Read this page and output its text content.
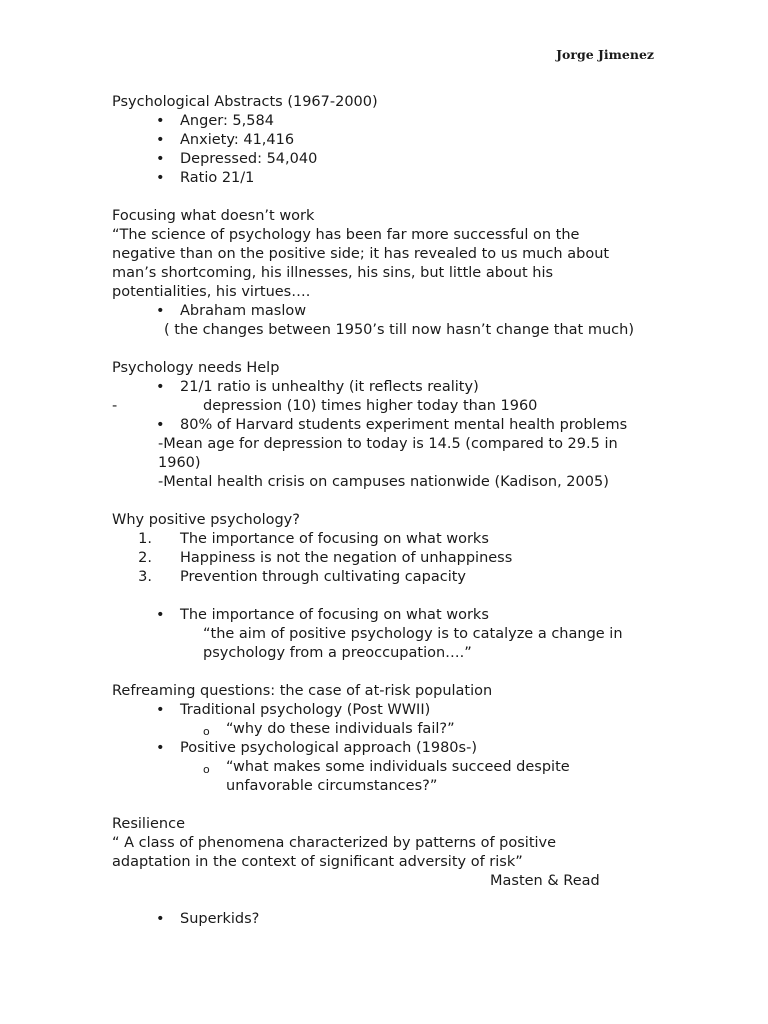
Jorge Jimenez
Psychological Abstracts (1967-2000)
• Anger: 5,584
• Anxiety: 41,416
• Depressed: 54,040
• Ratio 21/1
Focusing what doesn’t work
“The science of psychology has been far more successful on the
negative than on the positive side; it has revealed to us much about
man’s shortcoming, his illnesses, his sins, but little about his
potentialities, his virtues….
• Abraham maslow
( the changes between 1950’s till now hasn’t change that much)
Psychology needs Help
• 21/1 ratio is unhealthy (it reflects reality)
-	depression (10) times higher today than 1960
• 80% of Harvard students experiment mental health problems
-Mean age for depression to today is 14.5 (compared to 29.5 in
1960)
-Mental health crisis on campuses nationwide (Kadison, 2005)
Why positive psychology?
1. The importance of focusing on what works
2. Happiness is not the negation of unhappiness
3. Prevention through cultivating capacity
• The importance of focusing on what works
“the aim of positive psychology is to catalyze a change in
psychology from a preoccupation….”
Refreaming questions: the case of at-risk population
• Traditional psychology (Post WWII)
o “why do these individuals fail?”
• Positive psychological approach (1980s-)
o “what makes some individuals succeed despite
unfavorable circumstances?”
Resilience
“ A class of phenomena characterized by patterns of positive
adaptation in the context of significant adversity of risk”
Masten & Read
• Superkids?
